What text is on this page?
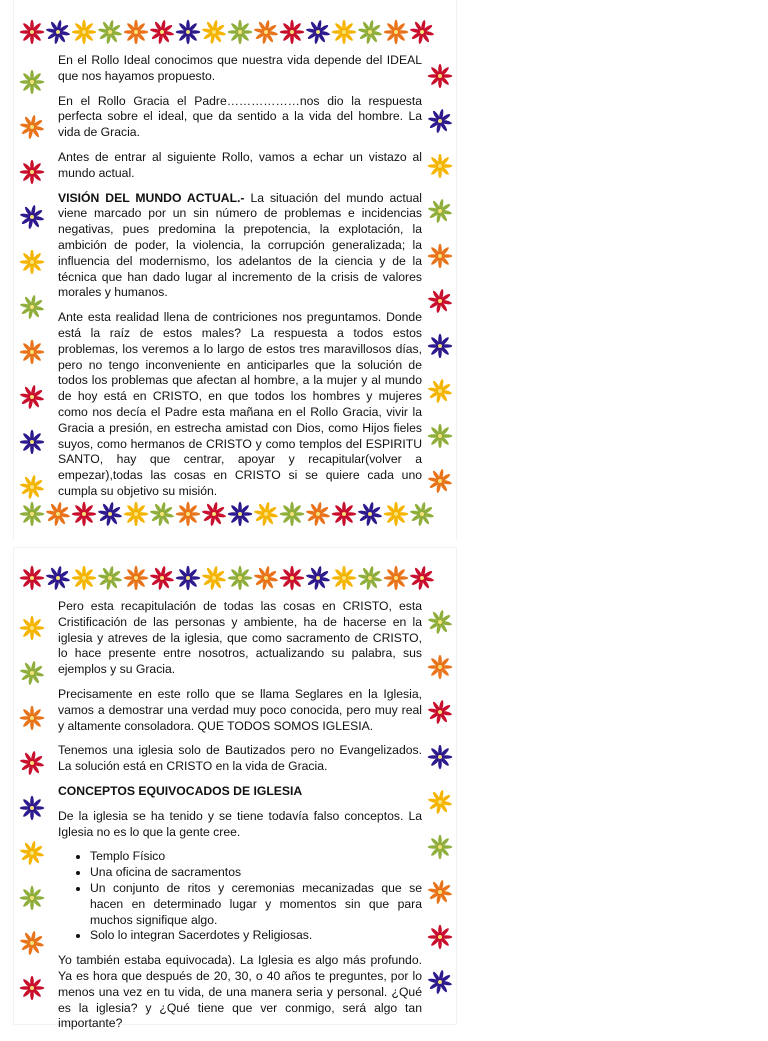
En el Rollo Ideal conocimos que nuestra vida depende del IDEAL que nos hayamos propuesto.

En el Rollo Gracia el Padre………………nos dio la respuesta perfecta sobre el ideal, que da sentido a la vida del hombre. La vida de Gracia.

Antes de entrar al siguiente Rollo, vamos a echar un vistazo al mundo actual.

VISIÓN DEL MUNDO ACTUAL.- La situación del mundo actual viene marcado por un sin número de problemas e incidencias negativas, pues predomina la prepotencia, la explotación, la ambición de poder, la violencia, la corrupción generalizada; la influencia del modernismo, los adelantos de la ciencia y de la técnica que han dado lugar al incremento de la crisis de valores morales y humanos.

Ante esta realidad llena de contriciones nos preguntamos. Donde está la raíz de estos males? La respuesta a todos estos problemas, los veremos a lo largo de estos tres maravillosos días, pero no tengo inconveniente en anticiparles que la solución de todos los problemas que afectan al hombre, a la mujer y al mundo de hoy está en CRISTO, en que todos los hombres y mujeres como nos decía el Padre esta mañana en el Rollo Gracia, vivir la Gracia a presión, en estrecha amistad con Dios, como Hijos fieles suyos, como hermanos de CRISTO y como templos del ESPIRITU SANTO, hay que centrar, apoyar y recapitular(volver a empezar),todas las cosas en CRISTO si se quiere cada uno cumpla su objetivo su misión.

Pero esta recapitulación de todas las cosas en CRISTO, esta Cristificación de las personas y ambiente, ha de hacerse en la iglesia y atreves de la iglesia, que como sacramento de CRISTO, lo hace presente entre nosotros, actualizando su palabra, sus ejemplos y su Gracia.

Precisamente en este rollo que se llama Seglares en la Iglesia, vamos a demostrar una verdad muy poco conocida, pero muy real y altamente consoladora. QUE TODOS SOMOS IGLESIA.

Tenemos una iglesia solo de Bautizados pero no Evangelizados. La solución está en CRISTO en la vida de Gracia.

CONCEPTOS EQUIVOCADOS DE IGLESIA

De la iglesia se ha tenido y se tiene todavía falso conceptos. La Iglesia no es lo que la gente cree.

• Templo Físico
• Una oficina de sacramentos
• Un conjunto de ritos y ceremonias mecanizadas que se hacen en determinado lugar y momentos sin que para muchos signifique algo.
• Solo lo integran Sacerdotes y Religiosas.

Yo también estaba equivocada). La Iglesia es algo más profundo. Ya es hora que después de 20, 30, o 40 años te preguntes, por lo menos una vez en tu vida, de una manera seria y personal. ¿Qué es la iglesia? y ¿Qué tiene que ver conmigo, será algo tan importante?
